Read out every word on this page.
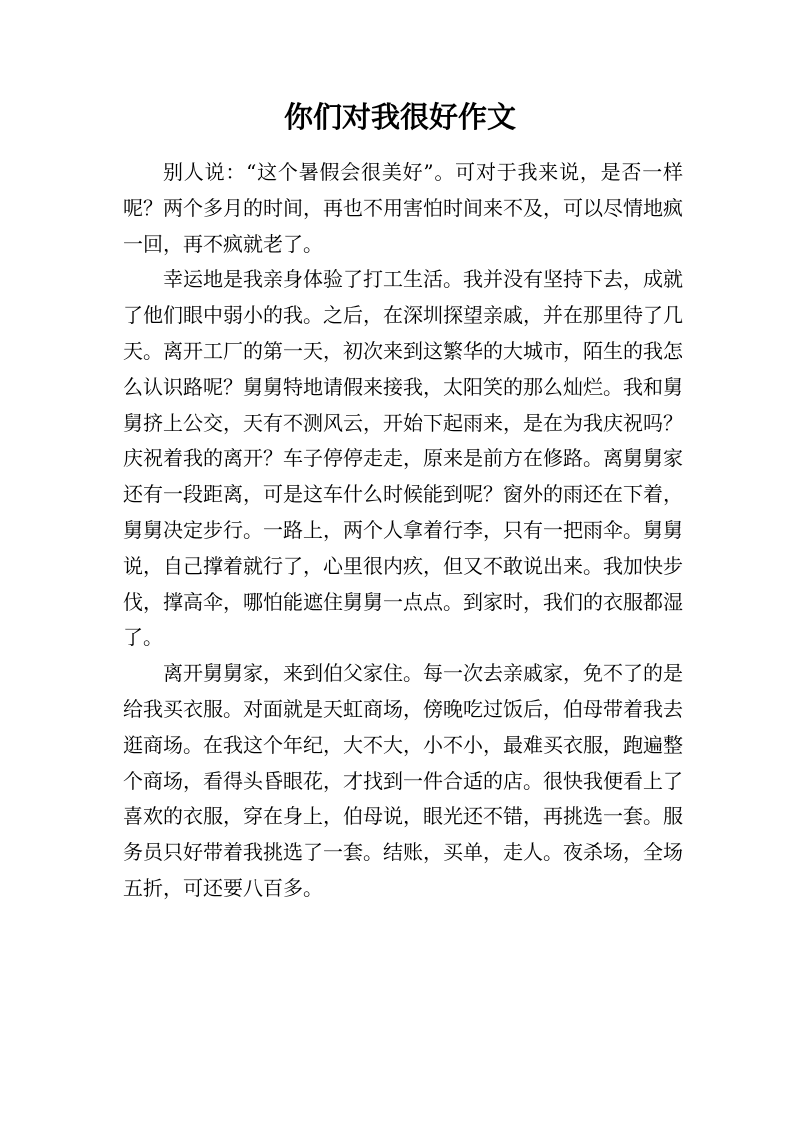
你们对我很好作文

别人说：“这个暑假会很美好”。可对于我来说，是否一样呢？两个多月的时间，再也不用害怕时间来不及，可以尽情地疯一回，再不疯就老了。

幸运地是我亲身体验了打工生活。我并没有坚持下去，成就了他们眼中弱小的我。之后，在深圳探望亲戚，并在那里待了几天。离开工厂的第一天，初次来到这繁华的大城市，陌生的我怎么认识路呢？舅舅特地请假来接我，太阳笑的那么灿烂。我和舅舅挤上公交，天有不测风云，开始下起雨来，是在为我庆祝吗？庆祝着我的离开？车子停停走走，原来是前方在修路。离舅舅家还有一段距离，可是这车什么时候能到呢？窗外的雨还在下着，舅舅决定步行。一路上，两个人拿着行李，只有一把雨伞。舅舅说，自己撑着就行了，心里很内疚，但又不敢说出来。我加快步伐，撑高伞，哪怕能遮住舅舅一点点。到家时，我们的衣服都湿了。

离开舅舅家，来到伯父家住。每一次去亲戚家，免不了的是给我买衣服。对面就是天虹商场，傍晚吃过饭后，伯母带着我去逛商场。在我这个年纪，大不大，小不小，最难买衣服，跑遍整个商场，看得头昏眼花，才找到一件合适的店。很快我便看上了喜欢的衣服，穿在身上，伯母说，眼光还不错，再挑选一套。服务员只好带着我挑选了一套。结账，买单，走人。夜杀场，全场五折，可还要八百多。
